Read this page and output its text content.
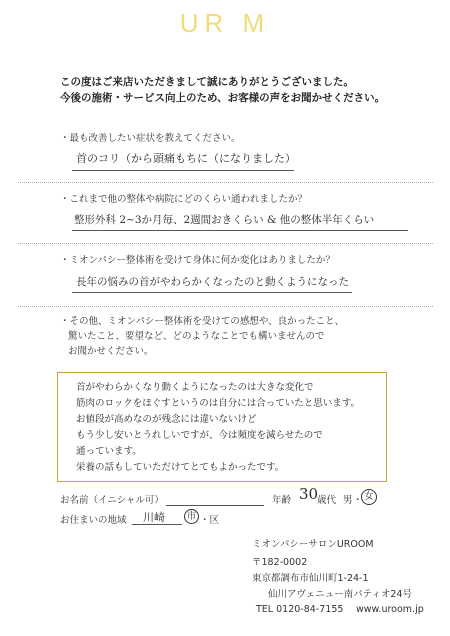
UR M
この度はご来店いただきまして誠にありがとうございました。
今後の施術・サービス向上のため、お客様の声をお聞かせください。
・最も改善したい症状を教えてください。
首のコリ（から頭痛もちに（になりました）
・これまで他の整体や病院にどのくらい通われましたか？
整形外科 2~3か月毎、2週間おきくらい & 他の整体半年くらい
・ミオンパシー整体術を受けて身体に何か変化はありましたか？
長年の悩みの首がやわらかくなったのと動くようになった
・その他、ミオンパシー整体術を受けての感想や、良かったこと、
驚いたこと、要望など、どのようなことでも構いませんので
お聞かせください。
首がやわらかくなり動くようになったのは大きな変化で
筋肉のロックをほぐすというのは自分には合っていたと思います。
お値段が高めなのが残念には違いないけど
もう少し安いとうれしいですが、今は頻度を減らせたので
通っています。
栄養の話もしていただけてとてもよかったです。
お名前（イニシャル可）	年齢 30
歳代 男 ・ 女
お住まいの地域 川崎 市 ・区
ミオンパシーサロンUROOM
〒182-0002
東京都調布市仙川町1-24-1
仙川アヴェニュー南パティオ24号
TEL 0120-84-7155 www.uroom.jp
